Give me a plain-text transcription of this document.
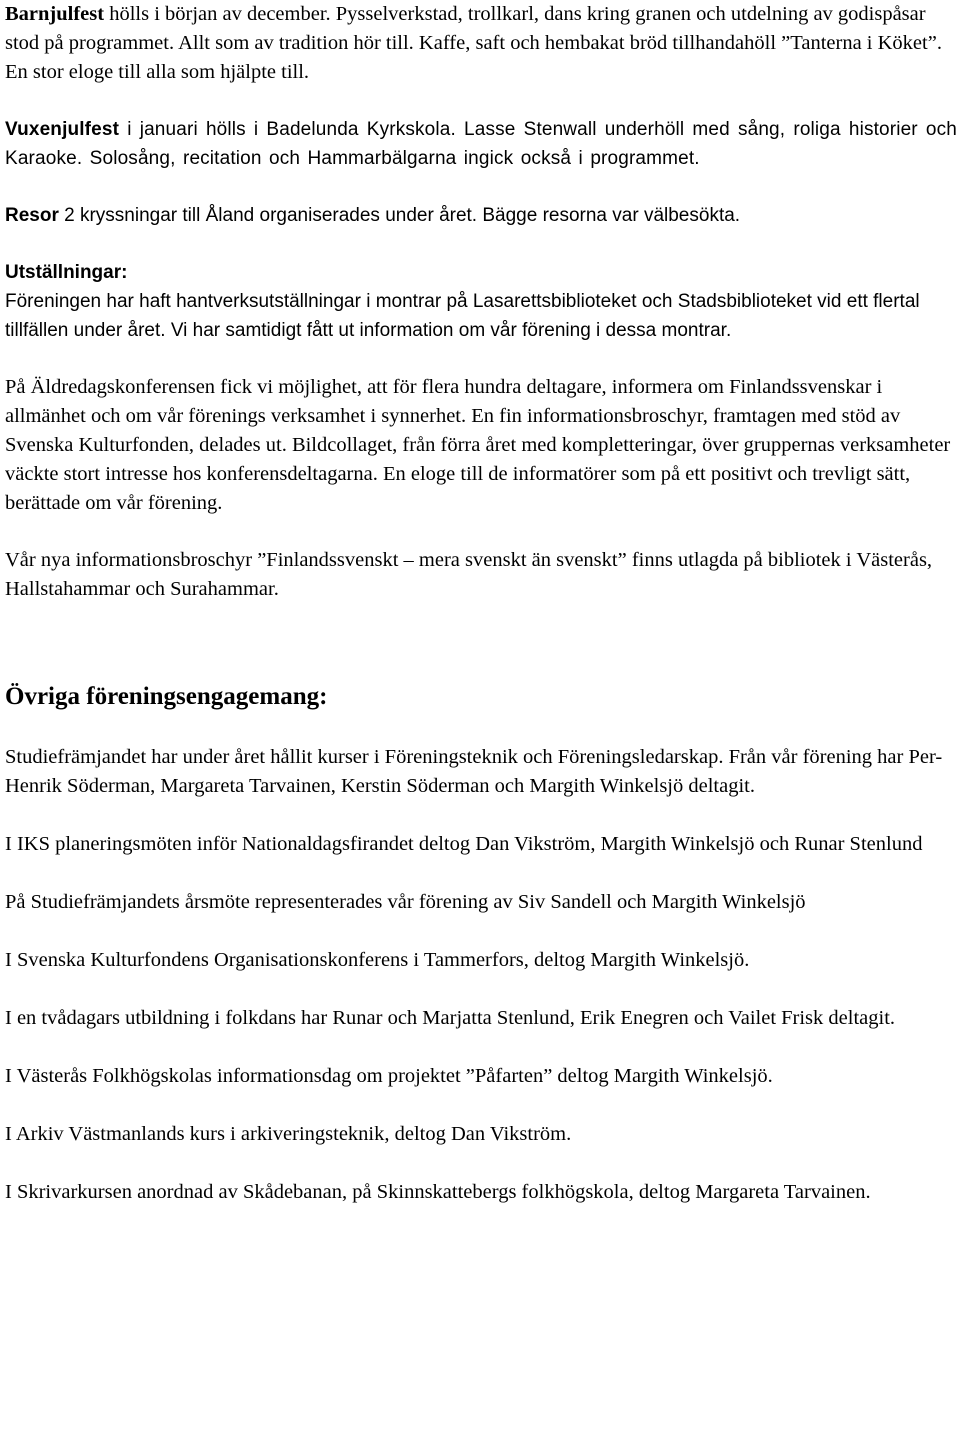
Barnjulfest hölls i början av december. Pysselverkstad, trollkarl, dans kring granen och utdelning av godispåsar stod på programmet. Allt som av tradition hör till. Kaffe, saft och hembakat bröd tillhandahöll ”Tanterna i Köket”. En stor eloge till alla som hjälpte till.

Vuxenjulfest i januari hölls i Badelunda Kyrkskola. Lasse Stenwall underhöll med sång, roliga historier och Karaoke. Solosång, recitation och Hammarbälgarna ingick också i programmet.

Resor 2 kryssningar till Åland organiserades under året. Bägge resorna var välbesökta.

Utställningar:
Föreningen har haft hantverksutställningar i montrar på Lasarettsbiblioteket och Stadsbiblioteket vid ett flertal tillfällen under året. Vi har samtidigt fått ut information om vår förening i dessa montrar.

På Äldredagskonferensen fick vi möjlighet, att för flera hundra deltagare, informera om Finlandssvenskar i allmänhet och om vår förenings verksamhet i synnerhet. En fin informationsbroschyr, framtagen med stöd av Svenska Kulturfonden, delades ut. Bildcollaget, från förra året med kompletteringar, över gruppernas verksamheter väckte stort intresse hos konferensdeltagarna. En eloge till de informatörer som på ett positivt och trevligt sätt, berättade om vår förening.

Vår nya informationsbroschyr ”Finlandssvenskt – mera svenskt än svenskt” finns utlagda på bibliotek i Västerås, Hallstahammar och Surahammar.

Övriga föreningsengagemang:

Studiefrämjandet har under året hållit kurser i Föreningsteknik och Föreningsledarskap. Från vår förening har Per-Henrik Söderman, Margareta Tarvainen, Kerstin Söderman och Margith Winkelsjö deltagit.

I IKS planeringsmöten inför Nationaldagsfirandet deltog Dan Vikström, Margith Winkelsjö och Runar Stenlund

På Studiefrämjandets årsmöte representerades vår förening av Siv Sandell och Margith Winkelsjö

I Svenska Kulturfondens Organisationskonferens i Tammerfors, deltog Margith Winkelsjö.

I en tvådagars utbildning i folkdans har Runar och Marjatta Stenlund, Erik Enegren och Vailet Frisk deltagit.

I Västerås Folkhögskolas informationsdag om projektet ”Påfarten” deltog Margith Winkelsjö.

I Arkiv Västmanlands kurs i arkiveringsteknik, deltog Dan Vikström.

I Skrivarkursen anordnad av Skådebanan, på Skinnskattebergs folkhögskola, deltog Margareta Tarvainen.
